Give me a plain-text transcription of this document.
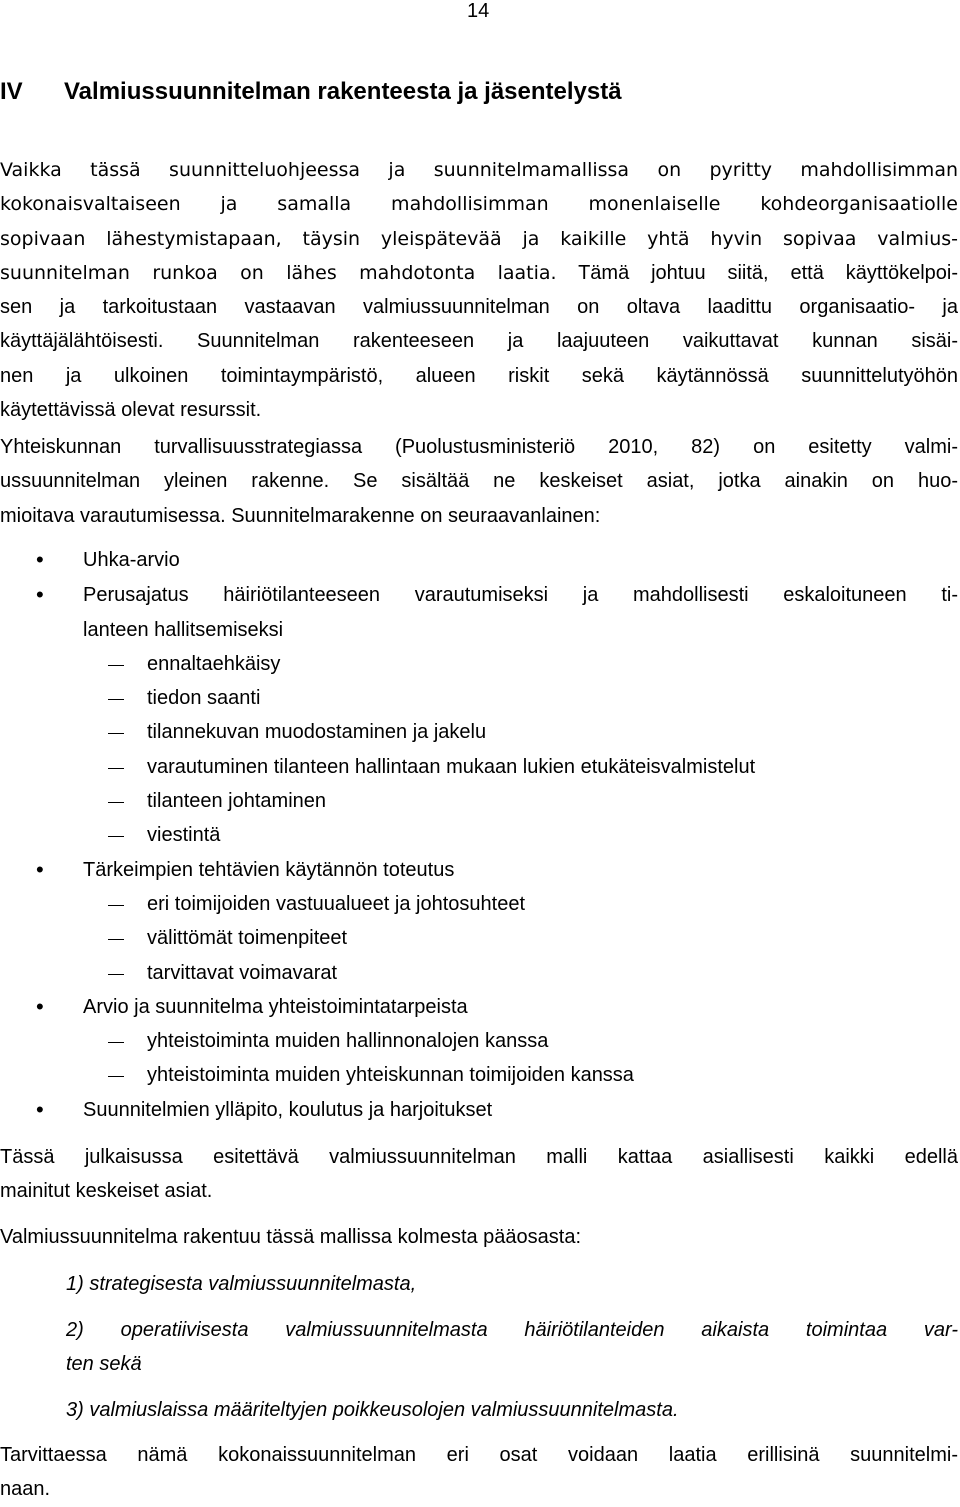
14
IV Valmiussuunnitelman rakenteesta ja jäsentelystä
Vaikka tässä suunnitteluohjeessa ja suunnitelmamallissa on pyritty mahdollisimman
kokonaisvaltaiseen ja samalla mahdollisimman monenlaiselle kohdeorganisaatiolle
sopivaan lähestymistapaan, täysin yleispätevää ja kaikille yhtä hyvin sopivaa valmius-
suunnitelman runkoa on lähes mahdotonta laatia. Tämä johtuu siitä, että käyttökelpoi-
sen ja tarkoitustaan vastaavan valmiussuunnitelman on oltava laadittu organisaatio- ja
käyttäjälähtöisesti. Suunnitelman rakenteeseen ja laajuuteen vaikuttavat kunnan sisäi-
nen ja ulkoinen toimintaympäristö, alueen riskit sekä käytännössä suunnittelutyöhön
käytettävissä olevat resurssit.
Yhteiskunnan turvallisuusstrategiassa (Puolustusministeriö 2010, 82) on esitetty valmi-
ussuunnitelman yleinen rakenne. Se sisältää ne keskeiset asiat, jotka ainakin on huo-
mioitava varautumisessa. Suunnitelmarakenne on seuraavanlainen:
• Uhka-arvio
• Perusajatus häiriötilanteeseen varautumiseksi ja mahdollisesti eskaloituneen ti-
lanteen hallitsemiseksi
ennaltaehkäisy
tiedon saanti
tilannekuvan muodostaminen ja jakelu
varautuminen tilanteen hallintaan mukaan lukien etukäteisvalmistelut
tilanteen johtaminen
viestintä
• Tärkeimpien tehtävien käytännön toteutus
eri toimijoiden vastuualueet ja johtosuhteet
välittömät toimenpiteet
tarvittavat voimavarat
• Arvio ja suunnitelma yhteistoimintatarpeista
yhteistoiminta muiden hallinnonalojen kanssa
yhteistoiminta muiden yhteiskunnan toimijoiden kanssa
• Suunnitelmien ylläpito, koulutus ja harjoitukset
Tässä julkaisussa esitettävä valmiussuunnitelman malli kattaa asiallisesti kaikki edellä
mainitut keskeiset asiat.
Valmiussuunnitelma rakentuu tässä mallissa kolmesta pääosasta:
1) strategisesta valmiussuunnitelmasta,
2) operatiivisesta valmiussuunnitelmasta häiriötilanteiden aikaista toimintaa var-
ten sekä
3) valmiuslaissa määriteltyjen poikkeusolojen valmiussuunnitelmasta.
Tarvittaessa nämä kokonaissuunnitelman eri osat voidaan laatia erillisinä suunnitelmi-
naan.
